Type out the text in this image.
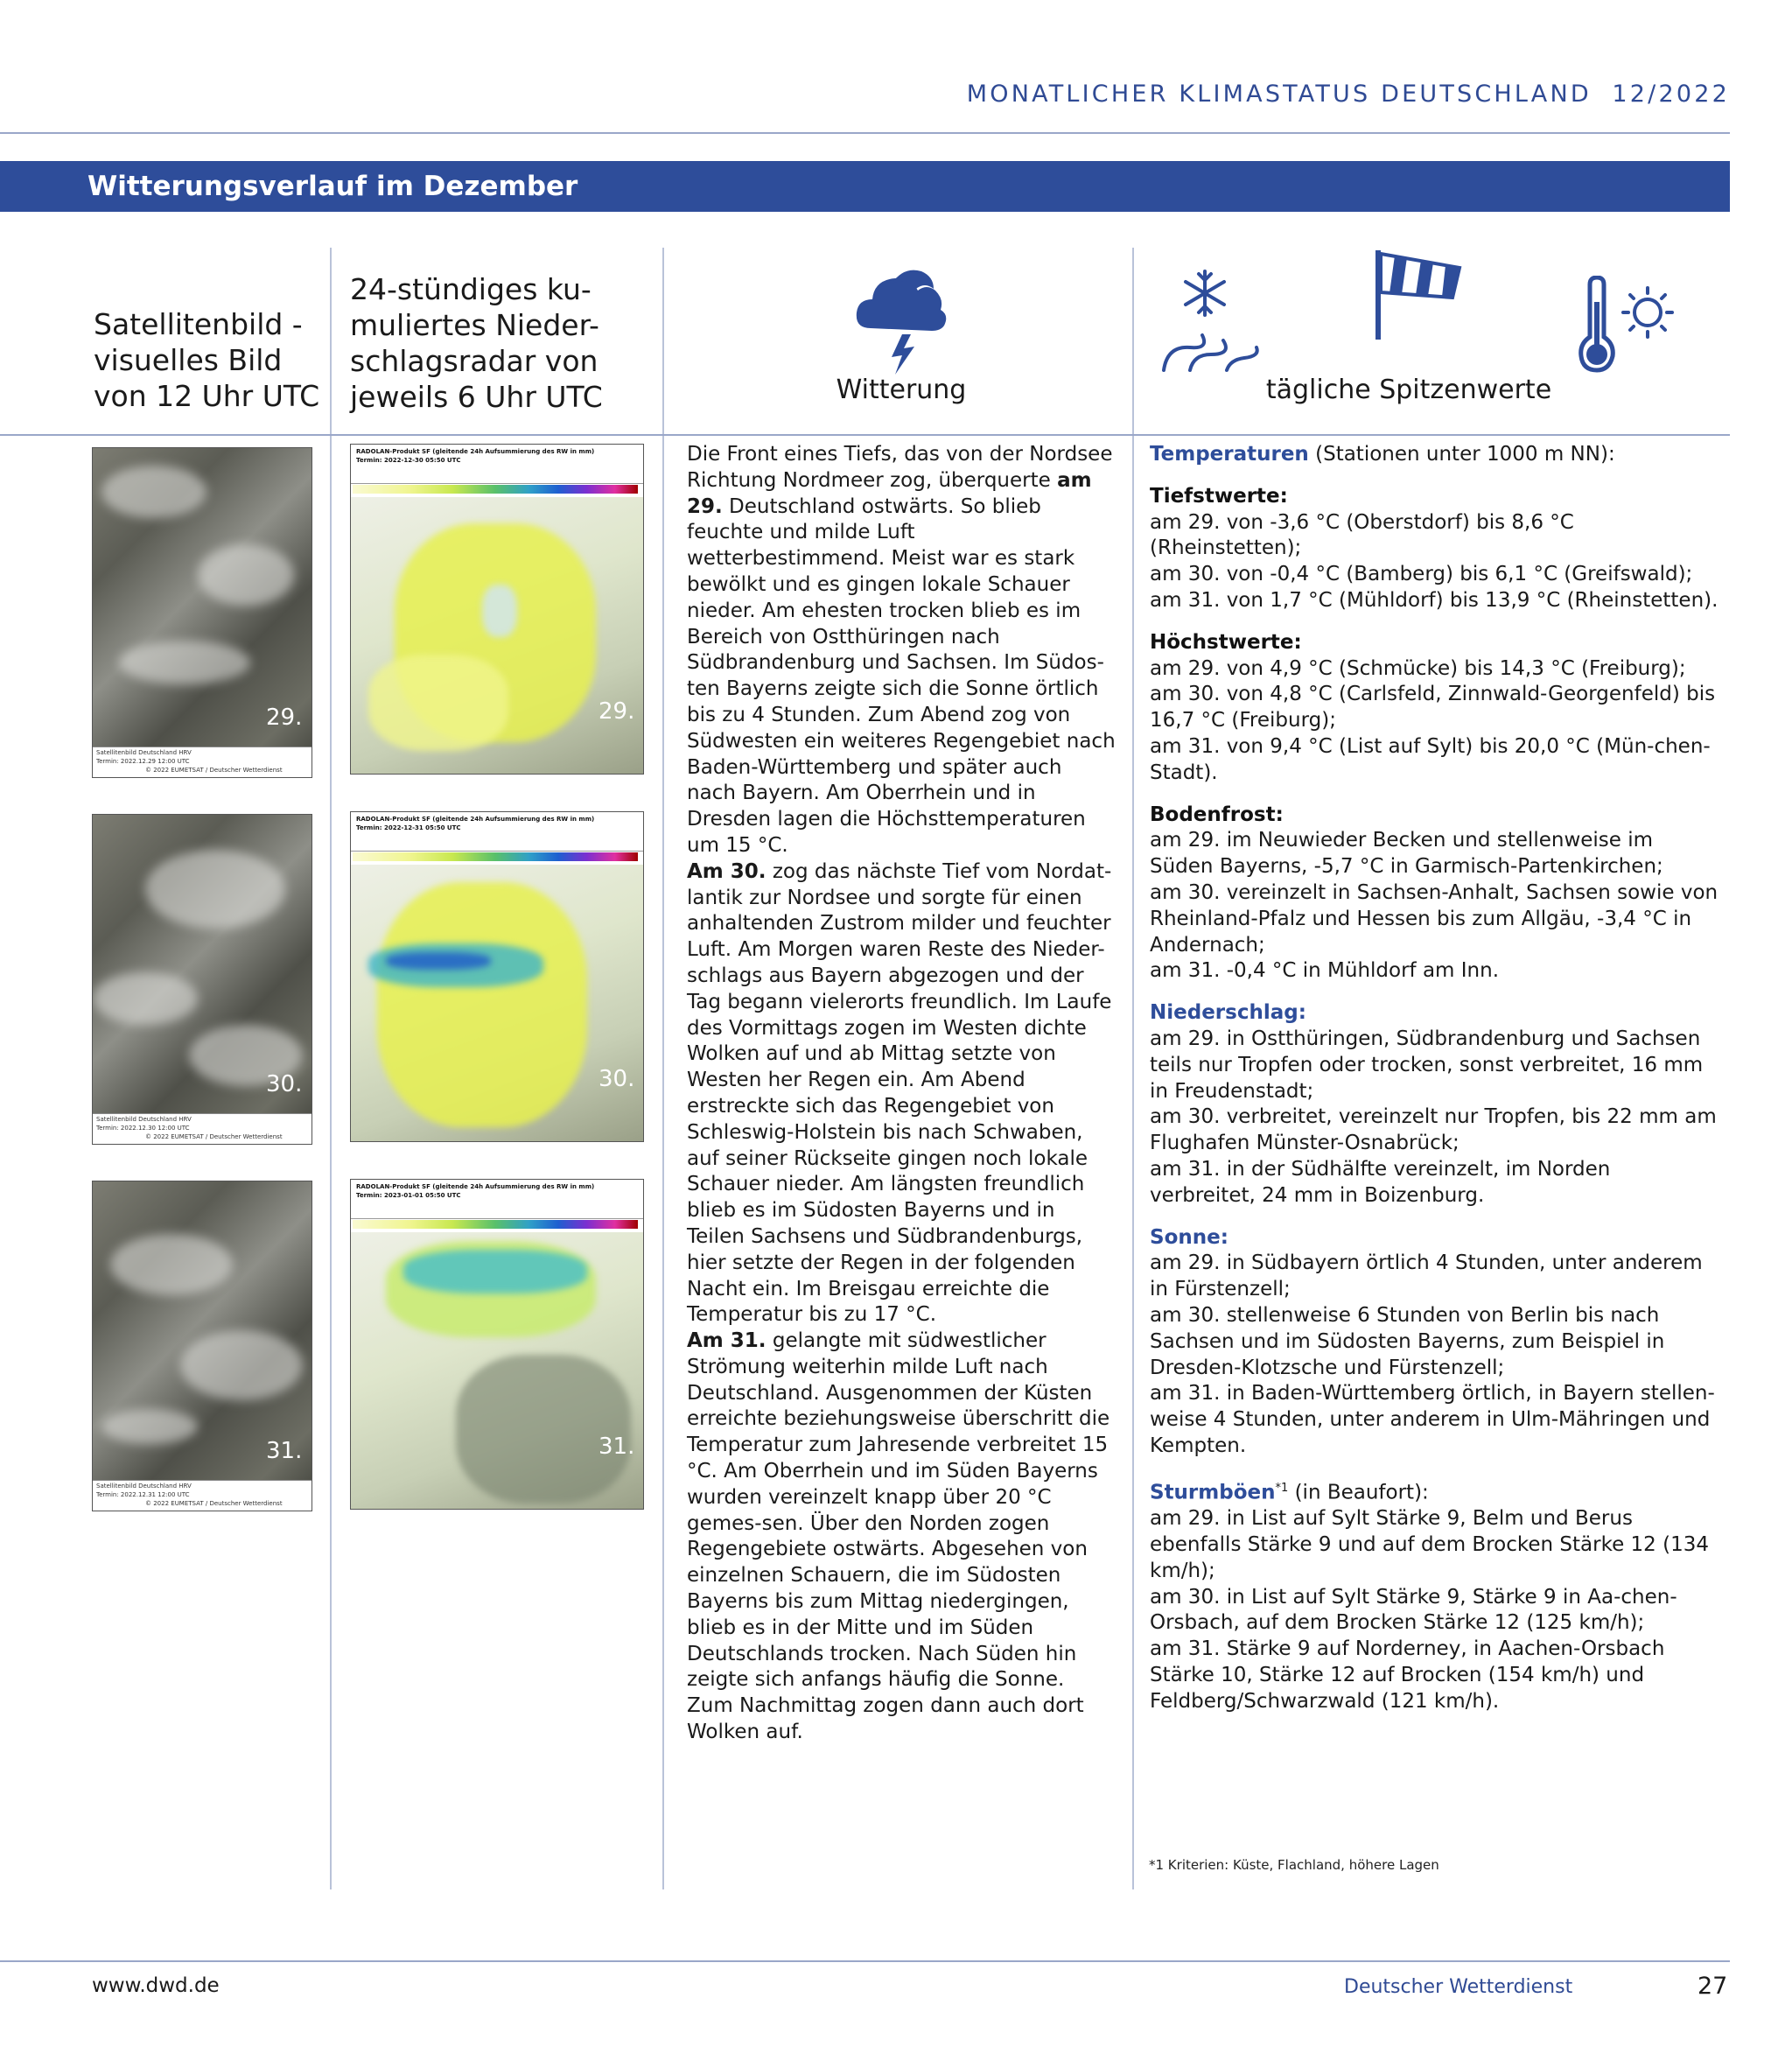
MONATLICHER KLIMASTATUS DEUTSCHLAND 12/2022
Witterungsverlauf im Dezember
Satellitenbild -
visuelles Bild
von 12 Uhr UTC
24-stündiges ku-
muliertes Nieder-
schlagsradar von
jeweils 6 Uhr UTC	Witterung	tägliche Spitzenwerte
29.
Satellitenbild Deutschland HRV
Termin: 2022.12.29 12:00 UTC
© 2022 EUMETSAT / Deutscher Wetterdienst
30.
Satellitenbild Deutschland HRV
Termin: 2022.12.30 12:00 UTC
© 2022 EUMETSAT / Deutscher Wetterdienst
31.
Satellitenbild Deutschland HRV
Termin: 2022.12.31 12:00 UTC
© 2022 EUMETSAT / Deutscher Wetterdienst
RADOLAN-Produkt SF (gleitende 24h Aufsummierung des RW in mm)
Termin: 2022-12-30 05:50 UTC
29.
RADOLAN-Produkt SF (gleitende 24h Aufsummierung des RW in mm)
Termin: 2022-12-31 05:50 UTC
30.
RADOLAN-Produkt SF (gleitende 24h Aufsummierung des RW in mm)
Termin: 2023-01-01 05:50 UTC
31.

Die Front eines Tiefs, das von der Nordsee Richtung Nordmeer zog, überquerte am 29. Deutschland ostwärts. So blieb feuchte und milde Luft wetterbestimmend. Meist war es stark bewölkt und es gingen lokale Schauer nieder. Am ehesten trocken blieb es im Bereich von Ostthüringen nach Südbrandenburg und Sachsen. Im Südos-ten Bayerns zeigte sich die Sonne örtlich bis zu 4 Stunden. Zum Abend zog von Südwesten ein weiteres Regengebiet nach Baden-Württemberg und später auch nach Bayern. Am Oberrhein und in Dresden lagen die Höchsttemperaturen um 15 °C.

Am 30. zog das nächste Tief vom Nordat-lantik zur Nordsee und sorgte für einen anhaltenden Zustrom milder und feuchter Luft. Am Morgen waren Reste des Nieder-schlags aus Bayern abgezogen und der Tag begann vielerorts freundlich. Im Laufe des Vormittags zogen im Westen dichte Wolken auf und ab Mittag setzte von Westen her Regen ein. Am Abend erstreckte sich das Regengebiet von Schleswig-Holstein bis nach Schwaben, auf seiner Rückseite gingen noch lokale Schauer nieder. Am längsten freundlich blieb es im Südosten Bayerns und in Teilen Sachsens und Südbrandenburgs, hier setzte der Regen in der folgenden Nacht ein. Im Breisgau erreichte die Temperatur bis zu 17 °C.

Am 31. gelangte mit südwestlicher Strömung weiterhin milde Luft nach Deutschland. Ausgenommen der Küsten erreichte beziehungsweise überschritt die Temperatur zum Jahresende verbreitet 15 °C. Am Oberrhein und im Süden Bayerns wurden vereinzelt knapp über 20 °C gemes-sen. Über den Norden zogen Regengebiete ostwärts. Abgesehen von einzelnen Schauern, die im Südosten Bayerns bis zum Mittag niedergingen, blieb es in der Mitte und im Süden Deutschlands trocken. Nach Süden hin zeigte sich anfangs häufig die Sonne. Zum Nachmittag zogen dann auch dort Wolken auf.

Temperaturen (Stationen unter 1000 m NN):
Tiefstwerte:
am 29. von -3,6 °C (Oberstdorf) bis 8,6 °C (Rheinstetten);
am 30. von -0,4 °C (Bamberg) bis 6,1 °C (Greifswald);
am 31. von 1,7 °C (Mühldorf) bis 13,9 °C (Rheinstetten).
Höchstwerte:
am 29. von 4,9 °C (Schmücke) bis 14,3 °C (Freiburg);
am 30. von 4,8 °C (Carlsfeld, Zinnwald-Georgenfeld) bis 16,7 °C (Freiburg);
am 31. von 9,4 °C (List auf Sylt) bis 20,0 °C (Mün-chen-Stadt).
Bodenfrost:
am 29. im Neuwieder Becken und stellenweise im Süden Bayerns, -5,7 °C in Garmisch-Partenkirchen;
am 30. vereinzelt in Sachsen-Anhalt, Sachsen sowie von Rheinland-Pfalz und Hessen bis zum Allgäu, -3,4 °C in Andernach;
am 31. -0,4 °C in Mühldorf am Inn.
Niederschlag:
am 29. in Ostthüringen, Südbrandenburg und Sachsen teils nur Tropfen oder trocken, sonst verbreitet, 16 mm in Freudenstadt;
am 30. verbreitet, vereinzelt nur Tropfen, bis 22 mm am Flughafen Münster-Osnabrück;
am 31. in der Südhälfte vereinzelt, im Norden verbreitet, 24 mm in Boizenburg.
Sonne:
am 29. in Südbayern örtlich 4 Stunden, unter anderem in Fürstenzell;
am 30. stellenweise 6 Stunden von Berlin bis nach Sachsen und im Südosten Bayerns, zum Beispiel in Dresden-Klotzsche und Fürstenzell;
am 31. in Baden-Württemberg örtlich, in Bayern stellen-weise 4 Stunden, unter anderem in Ulm-Mähringen und Kempten.
Sturmböen$^{*1}$ (in Beaufort):
am 29. in List auf Sylt Stärke 9, Belm und Berus ebenfalls Stärke 9 und auf dem Brocken Stärke 12 (134 km/h);
am 30. in List auf Sylt Stärke 9, Stärke 9 in Aa-chen-Orsbach, auf dem Brocken Stärke 12 (125 km/h);
am 31. Stärke 9 auf Norderney, in Aachen-Orsbach Stärke 10, Stärke 12 auf Brocken (154 km/h) und Feldberg/Schwarzwald (121 km/h).
*1 Kriterien: Küste, Flachland, höhere Lagen
www.dwd.de	Deutscher Wetterdienst	27
